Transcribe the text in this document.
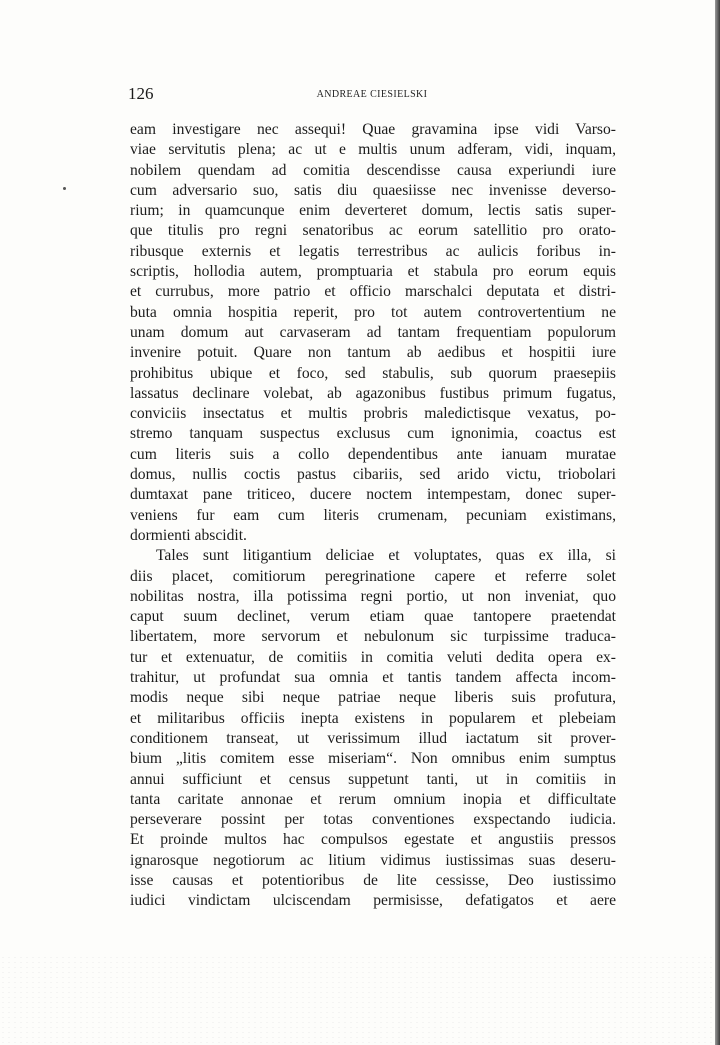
126	ANDREAE CIESIELSKI
eam investigare nec assequi! Quae gravamina ipse vidi Varso-
viae servitutis plena; ac ut e multis unum adferam, vidi, inquam,
nobilem quendam ad comitia descendisse causa experiundi iure
cum adversario suo, satis diu quaesiisse nec invenisse deverso-
rium; in quamcunque enim deverteret domum, lectis satis super-
que titulis pro regni senatoribus ac eorum satellitio pro orato-
ribusque externis et legatis terrestribus ac aulicis foribus in-
scriptis, hollodia autem, promptuaria et stabula pro eorum equis
et currubus, more patrio et officio marschalci deputata et distri-
buta omnia hospitia reperit, pro tot autem controvertentium ne
unam domum aut carvaseram ad tantam frequentiam populorum
invenire potuit. Quare non tantum ab aedibus et hospitii iure
prohibitus ubique et foco, sed stabulis, sub quorum praesepiis
lassatus declinare volebat, ab agazonibus fustibus primum fugatus,
conviciis insectatus et multis probris maledictisque vexatus, po-
stremo tanquam suspectus exclusus cum ignonimia, coactus est
cum literis suis a collo dependentibus ante ianuam muratae
domus, nullis coctis pastus cibariis, sed arido victu, triobolari
dumtaxat pane triticeo, ducere noctem intempestam, donec super-
veniens fur eam cum literis crumenam, pecuniam existimans,
dormienti abscidit.
Tales sunt litigantium deliciae et voluptates, quas ex illa, si
diis placet, comitiorum peregrinatione capere et referre solet
nobilitas nostra, illa potissima regni portio, ut non inveniat, quo
caput suum declinet, verum etiam quae tantopere praetendat
libertatem, more servorum et nebulonum sic turpissime traduca-
tur et extenuatur, de comitiis in comitia veluti dedita opera ex-
trahitur, ut profundat sua omnia et tantis tandem affecta incom-
modis neque sibi neque patriae neque liberis suis profutura,
et militaribus officiis inepta existens in popularem et plebeiam
conditionem transeat, ut verissimum illud iactatum sit prover-
bium „litis comitem esse miseriam“. Non omnibus enim sumptus
annui sufficiunt et census suppetunt tanti, ut in comitiis in
tanta caritate annonae et rerum omnium inopia et difficultate
perseverare possint per totas conventiones exspectando iudicia.
Et proinde multos hac compulsos egestate et angustiis pressos
ignarosque negotiorum ac litium vidimus iustissimas suas deseru-
isse causas et potentioribus de lite cessisse, Deo iustissimo
iudici vindictam ulciscendam permisisse, defatigatos et aere
